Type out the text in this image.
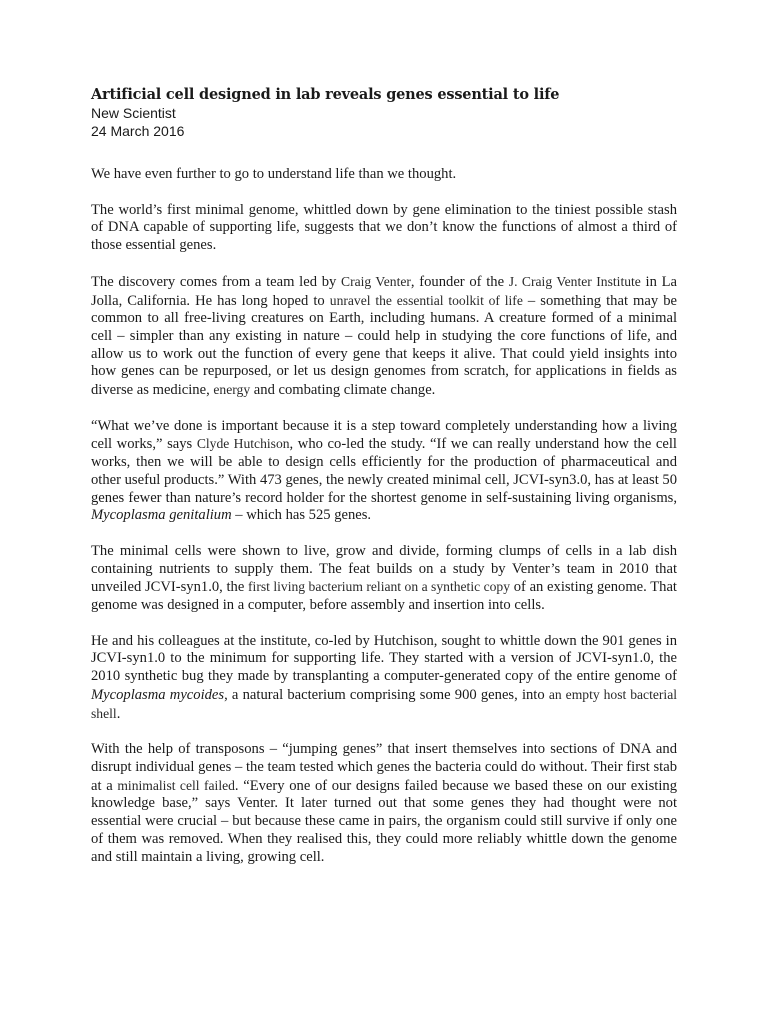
Artificial cell designed in lab reveals genes essential to life
New Scientist
24 March 2016

We have even further to go to understand life than we thought.

The world’s first minimal genome, whittled down by gene elimination to the tiniest possible stash of DNA capable of supporting life, suggests that we don’t know the functions of almost a third of those essential genes.

The discovery comes from a team led by Craig Venter, founder of the J. Craig Venter Institute in La Jolla, California. He has long hoped to unravel the essential toolkit of life – something that may be common to all free-living creatures on Earth, including humans. A creature formed of a minimal cell – simpler than any existing in nature – could help in studying the core functions of life, and allow us to work out the function of every gene that keeps it alive. That could yield insights into how genes can be repurposed, or let us design genomes from scratch, for applications in fields as diverse as medicine, energy and combating climate change.

“What we’ve done is important because it is a step toward completely understanding how a living cell works,” says Clyde Hutchison, who co-led the study. “If we can really understand how the cell works, then we will be able to design cells efficiently for the production of pharmaceutical and other useful products.” With 473 genes, the newly created minimal cell, JCVI-syn3.0, has at least 50 genes fewer than nature’s record holder for the shortest genome in self-sustaining living organisms, Mycoplasma genitalium – which has 525 genes.

The minimal cells were shown to live, grow and divide, forming clumps of cells in a lab dish containing nutrients to supply them. The feat builds on a study by Venter’s team in 2010 that unveiled JCVI-syn1.0, the first living bacterium reliant on a synthetic copy of an existing genome. That genome was designed in a computer, before assembly and insertion into cells.

He and his colleagues at the institute, co-led by Hutchison, sought to whittle down the 901 genes in JCVI-syn1.0 to the minimum for supporting life. They started with a version of JCVI-syn1.0, the 2010 synthetic bug they made by transplanting a computer-generated copy of the entire genome of Mycoplasma mycoides, a natural bacterium comprising some 900 genes, into an empty host bacterial shell.

With the help of transposons – “jumping genes” that insert themselves into sections of DNA and disrupt individual genes – the team tested which genes the bacteria could do without. Their first stab at a minimalist cell failed. “Every one of our designs failed because we based these on our existing knowledge base,” says Venter. It later turned out that some genes they had thought were not essential were crucial – but because these came in pairs, the organism could still survive if only one of them was removed. When they realised this, they could more reliably whittle down the genome and still maintain a living, growing cell.
